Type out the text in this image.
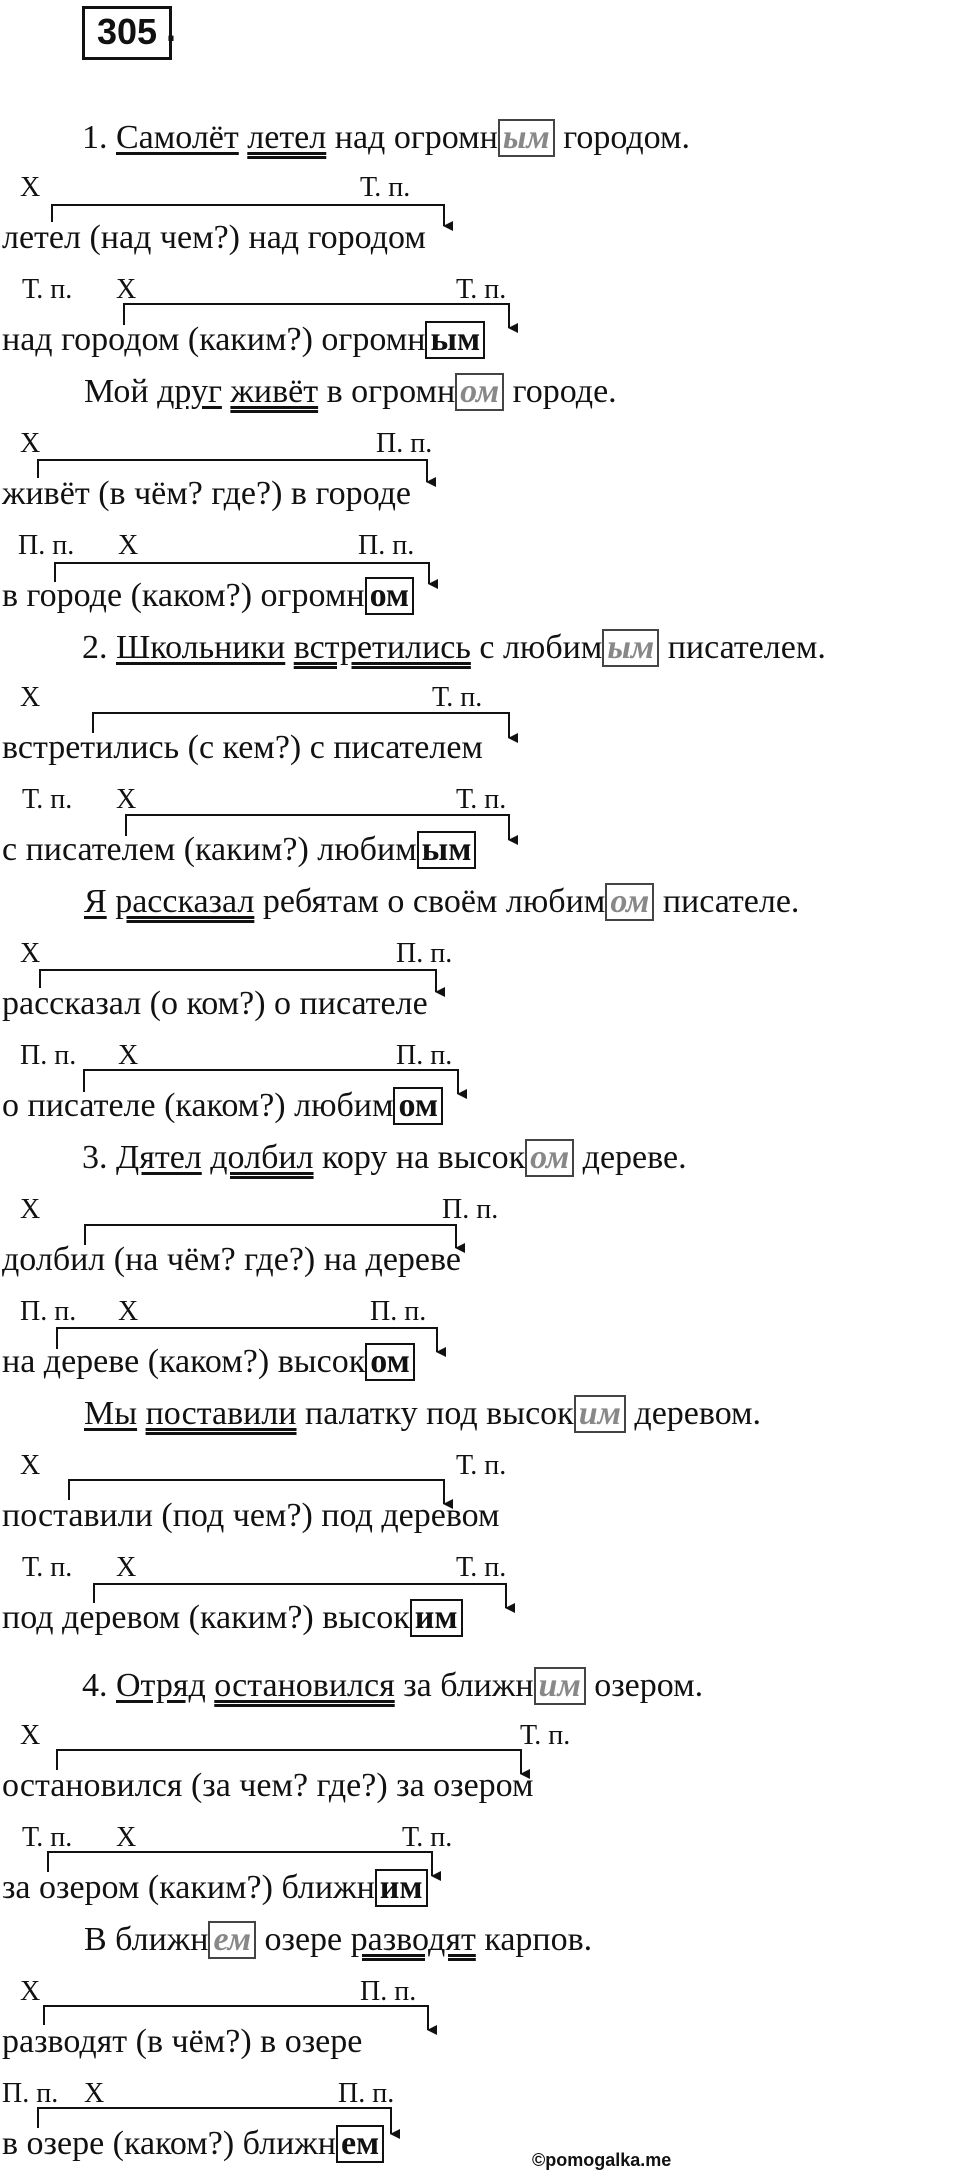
305 .
1. Самолёт летел над огромн ым городом.
X	Т. п.
летел (над чем?) над городом
Т. п. X	Т. п.
над городом (каким?) огромн ым
Мой друг живёт в огромн ом городе.
X	П. п.
живёт (в чём? где?) в городе
П. п. X	П. п.
в городе (каком?) огромн ом
2. Школьники встретились с любим ым писателем.
X	Т. п.
встретились (с кем?) с писателем
Т. п. X	Т. п.
с писателем (каким?) любим ым
Я рассказал ребятам о своём любим ом писателе.
X	П. п.
рассказал (о ком?) о писателе
П. п. X	П. п.
о писателе (каком?) любим ом
3. Дятел долбил кору на высок ом дереве.
X	П. п.
долбил (на чём? где?) на дереве
П. п. X	П. п.
на дереве (каком?) высок ом
Мы поставили палатку под высок им деревом.
X	Т. п.
поставили (под чем?) под деревом
Т. п. X	Т. п.
под деревом (каким?) высок им
4. Отряд остановился за ближн им озером.
X	Т. п.
остановился (за чем? где?) за озером
Т. п. X	Т. п.
за озером (каким?) ближн им
В ближн ем озере разводят карпов.
X	П. п.
разводят (в чём?) в озере
П. п. X	П. п.
в озере (каком?) ближн ем	©pomogalka.me
